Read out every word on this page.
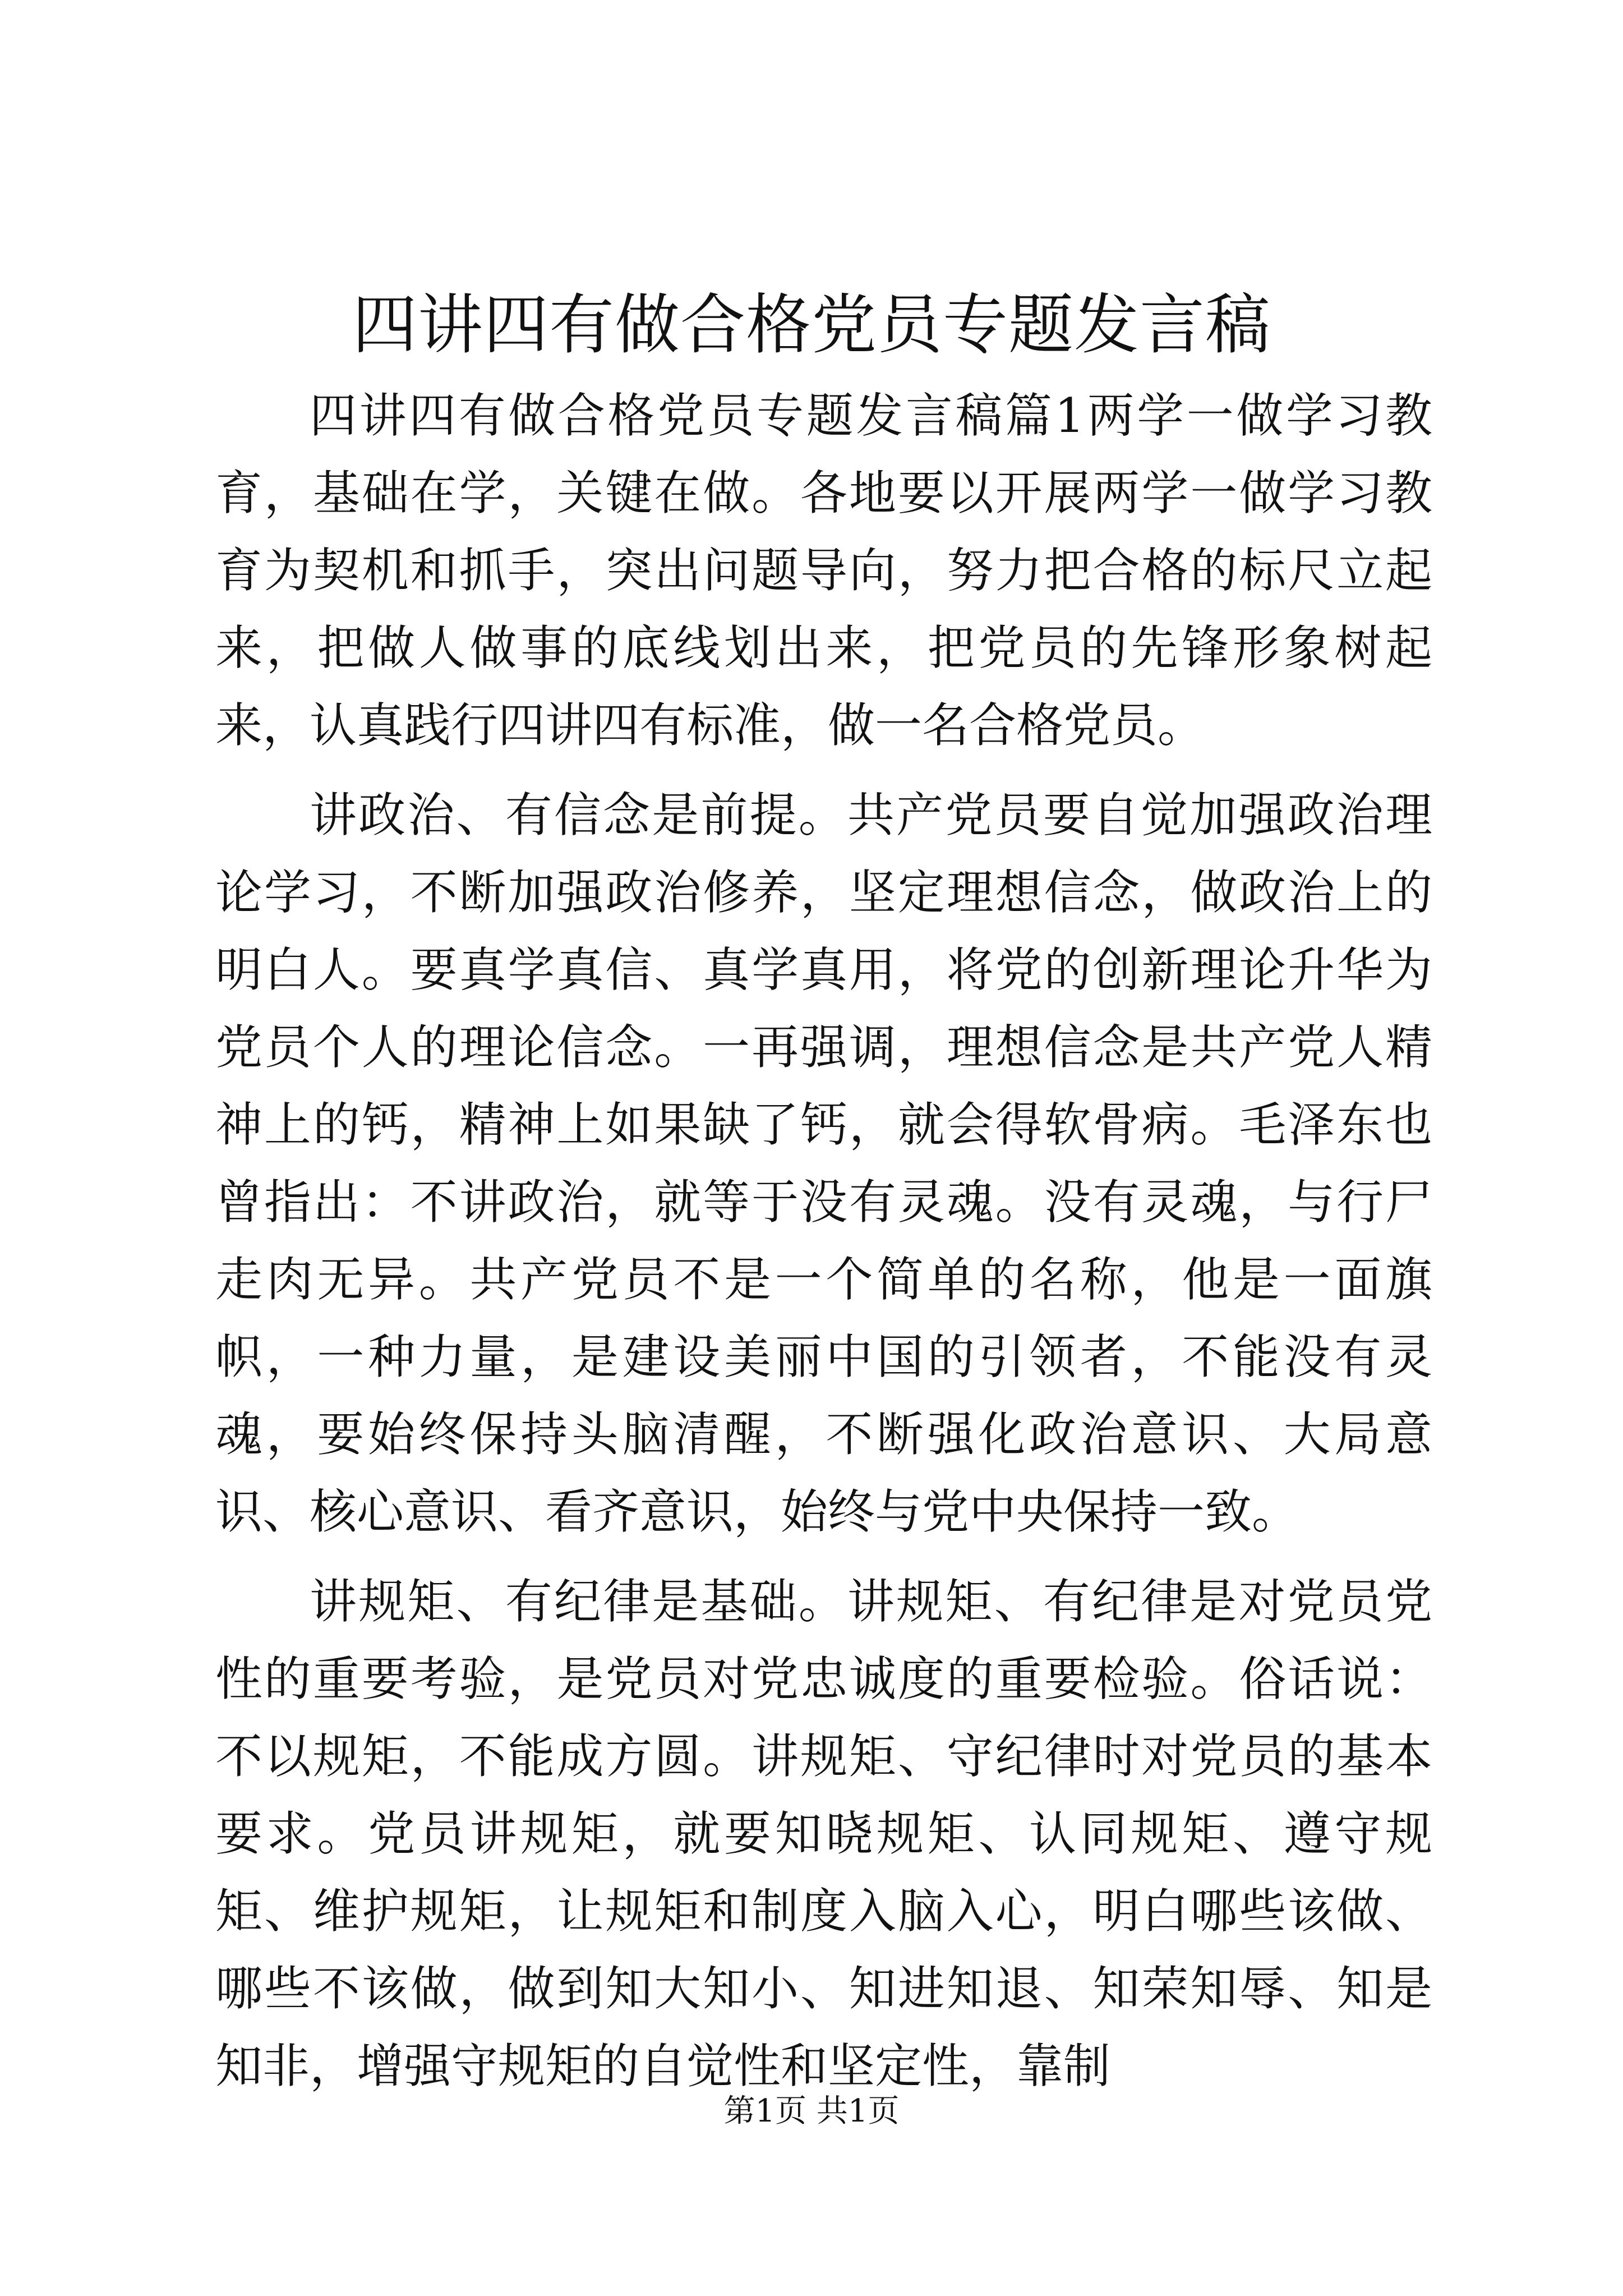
四讲四有做合格党员专题发言稿

四讲四有做合格党员专题发言稿篇1两学一做学习教育，基础在学，关键在做。各地要以开展两学一做学习教育为契机和抓手，突出问题导向，努力把合格的标尺立起来，把做人做事的底线划出来，把党员的先锋形象树起来，认真践行四讲四有标准，做一名合格党员。

讲政治、有信念是前提。共产党员要自觉加强政治理论学习，不断加强政治修养，坚定理想信念，做政治上的明白人。要真学真信、真学真用，将党的创新理论升华为党员个人的理论信念。一再强调，理想信念是共产党人精神上的钙，精神上如果缺了钙，就会得软骨病。毛泽东也曾指出：不讲政治，就等于没有灵魂。没有灵魂，与行尸走肉无异。共产党员不是一个简单的名称，他是一面旗帜，一种力量，是建设美丽中国的引领者，不能没有灵魂，要始终保持头脑清醒，不断强化政治意识、大局意识、核心意识、看齐意识，始终与党中央保持一致。

讲规矩、有纪律是基础。讲规矩、有纪律是对党员党性的重要考验，是党员对党忠诚度的重要检验。俗话说：不以规矩，不能成方圆。讲规矩、守纪律时对党员的基本要求。党员讲规矩，就要知晓规矩、认同规矩、遵守规矩、维护规矩，让规矩和制度入脑入心，明白哪些该做、哪些不该做，做到知大知小、知进知退、知荣知辱、知是知非，增强守规矩的自觉性和坚定性，靠制

第1页 共1页
